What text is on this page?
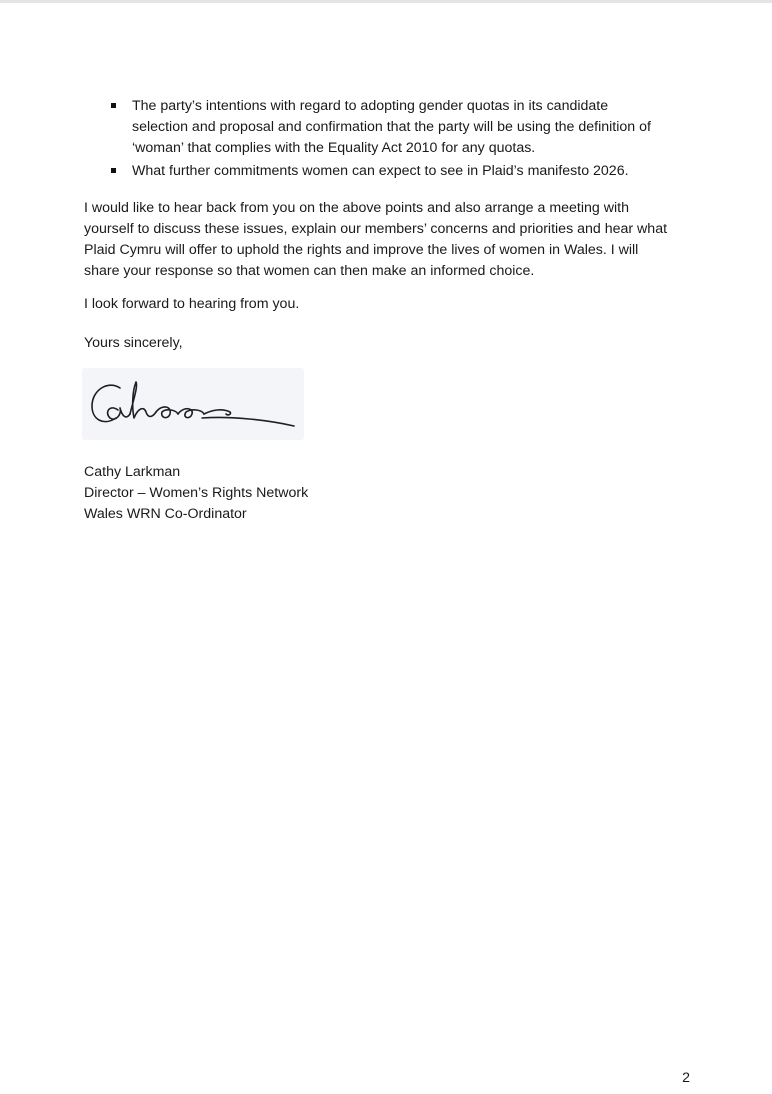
The party’s intentions with regard to adopting gender quotas in its candidate
selection and proposal and confirmation that the party will be using the definition of
‘woman’ that complies with the Equality Act 2010 for any quotas.
What further commitments women can expect to see in Plaid’s manifesto 2026.

I would like to hear back from you on the above points and also arrange a meeting with
yourself to discuss these issues, explain our members’ concerns and priorities and hear what
Plaid Cymru will offer to uphold the rights and improve the lives of women in Wales. I will
share your response so that women can then make an informed choice.

I look forward to hearing from you.

Yours sincerely,

Cathy Larkman
Director – Women’s Rights Network
Wales WRN Co-Ordinator
2
